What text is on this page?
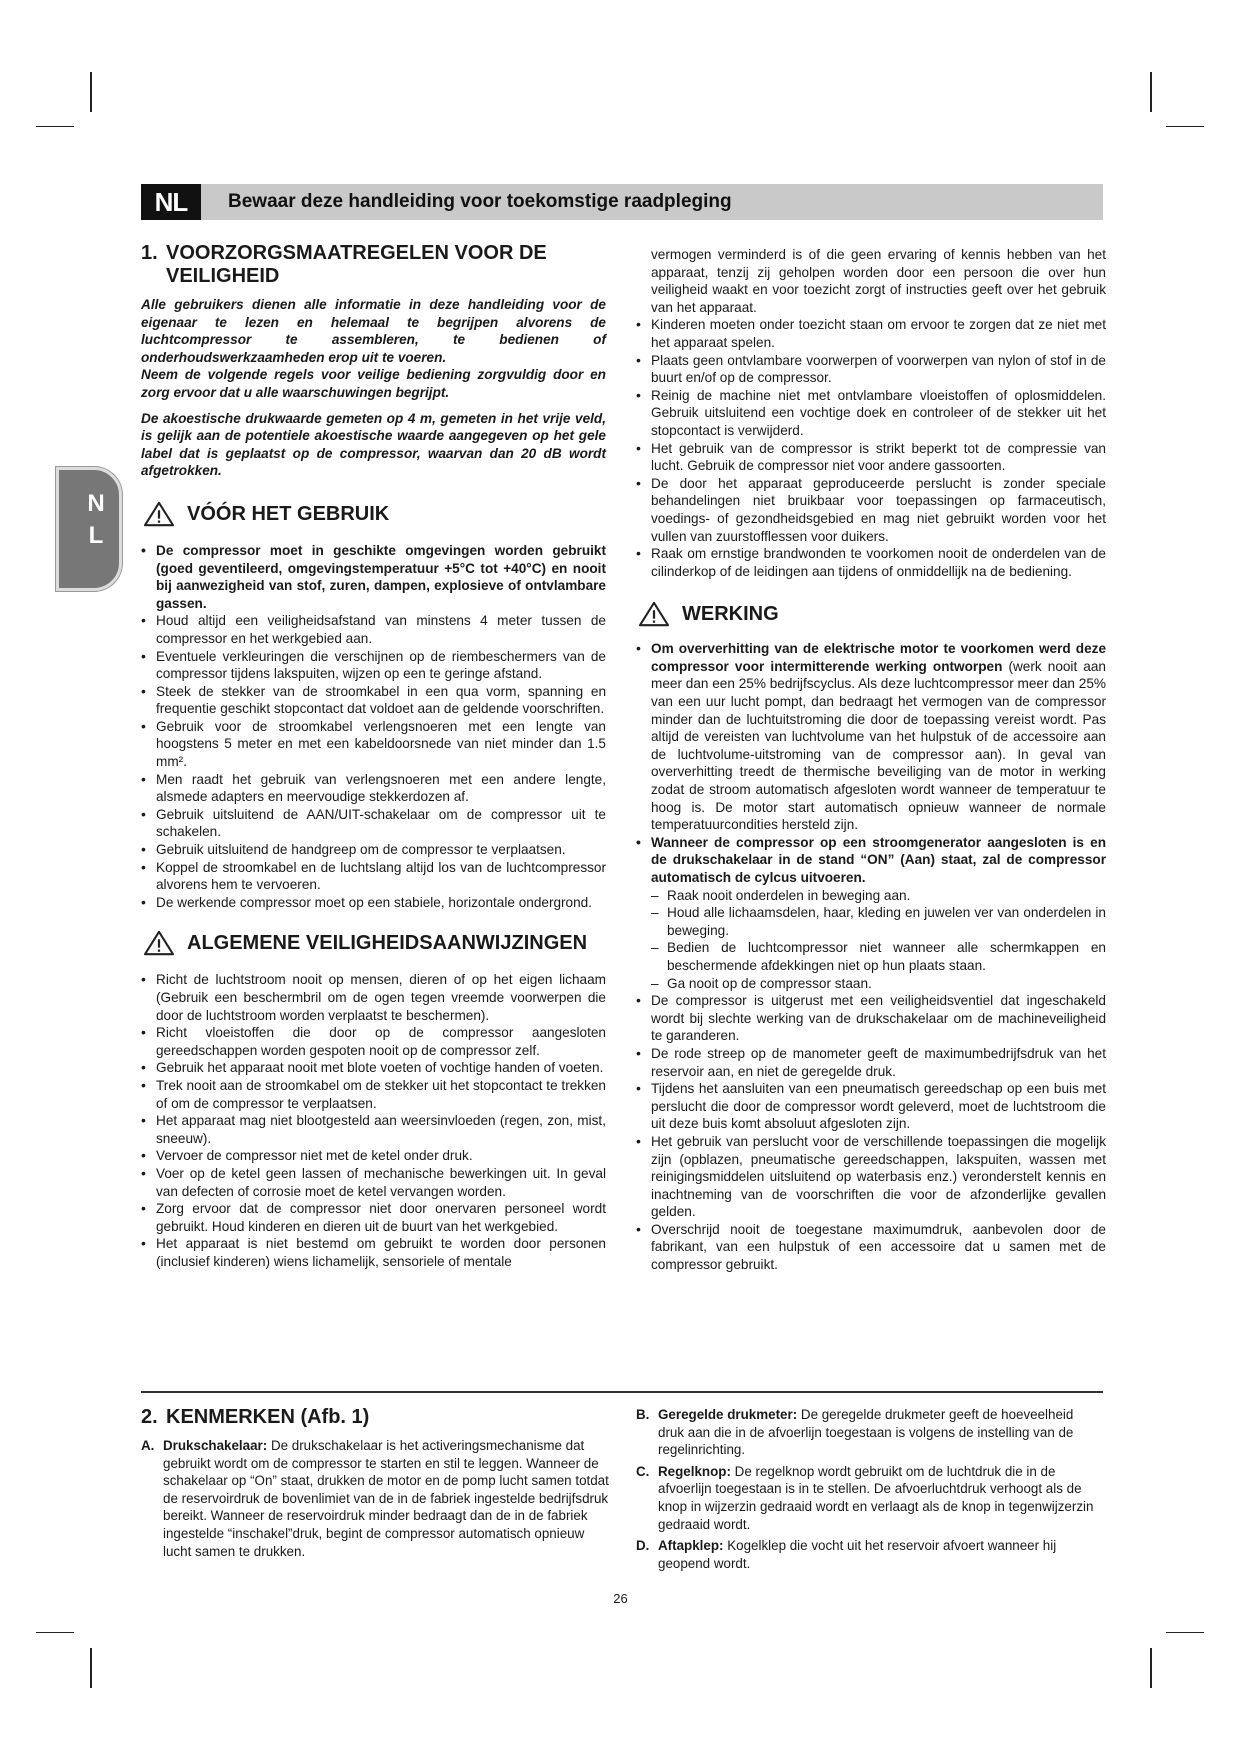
NL	Bewaar deze handleiding voor toekomstige raadpleging
N
L
1. VOORZORGSMAATREGELEN VOOR DE
VEILIGHEID

Alle gebruikers dienen alle informatie in deze handleiding voor de eigenaar te lezen en helemaal te begrijpen alvorens de luchtcompressor te assembleren, te bedienen of onderhoudswerkzaamheden erop uit te voeren.

Neem de volgende regels voor veilige bediening zorgvuldig door en zorg ervoor dat u alle waarschuwingen begrijpt.

De akoestische drukwaarde gemeten op 4 m, gemeten in het vrije veld, is gelijk aan de potentiele akoestische waarde aangegeven op het gele label dat is geplaatst op de compressor, waarvan dan 20 dB wordt afgetrokken.

VÓÓR HET GEBRUIK
• De compressor moet in geschikte omgevingen worden gebruikt (goed geventileerd, omgevingstemperatuur +5°C tot +40°C) en nooit bij aanwezigheid van stof, zuren, dampen, explosieve of ontvlambare gassen.
• Houd altijd een veiligheidsafstand van minstens 4 meter tussen de compressor en het werkgebied aan.
• Eventuele verkleuringen die verschijnen op de riembeschermers van de compressor tijdens lakspuiten, wijzen op een te geringe afstand.
• Steek de stekker van de stroomkabel in een qua vorm, spanning en frequentie geschikt stopcontact dat voldoet aan de geldende voorschriften.
• Gebruik voor de stroomkabel verlengsnoeren met een lengte van hoogstens 5 meter en met een kabeldoorsnede van niet minder dan 1.5 mm².
• Men raadt het gebruik van verlengsnoeren met een andere lengte, alsmede adapters en meervoudige stekkerdozen af.
• Gebruik uitsluitend de AAN/UIT-schakelaar om de compressor uit te schakelen.
• Gebruik uitsluitend de handgreep om de compressor te verplaatsen.
• Koppel de stroomkabel en de luchtslang altijd los van de luchtcompressor alvorens hem te vervoeren.
• De werkende compressor moet op een stabiele, horizontale ondergrond.
ALGEMENE VEILIGHEIDSAANWIJZINGEN
• Richt de luchtstroom nooit op mensen, dieren of op het eigen lichaam (Gebruik een beschermbril om de ogen tegen vreemde voorwerpen die door de luchtstroom worden verplaatst te beschermen).
• Richt vloeistoffen die door op de compressor aangesloten gereedschappen worden gespoten nooit op de compressor zelf.
• Gebruik het apparaat nooit met blote voeten of vochtige handen of voeten.
• Trek nooit aan de stroomkabel om de stekker uit het stopcontact te trekken of om de compressor te verplaatsen.
• Het apparaat mag niet blootgesteld aan weersinvloeden (regen, zon, mist, sneeuw).
• Vervoer de compressor niet met de ketel onder druk.
• Voer op de ketel geen lassen of mechanische bewerkingen uit. In geval van defecten of corrosie moet de ketel vervangen worden.
• Zorg ervoor dat de compressor niet door onervaren personeel wordt gebruikt. Houd kinderen en dieren uit de buurt van het werkgebied.
• Het apparaat is niet bestemd om gebruikt te worden door personen (inclusief kinderen) wiens lichamelijk, sensoriele of mentale

vermogen verminderd is of die geen ervaring of kennis hebben van het apparaat, tenzij zij geholpen worden door een persoon die over hun veiligheid waakt en voor toezicht zorgt of instructies geeft over het gebruik van het apparaat.

• Kinderen moeten onder toezicht staan om ervoor te zorgen dat ze niet met het apparaat spelen.
• Plaats geen ontvlambare voorwerpen of voorwerpen van nylon of stof in de buurt en/of op de compressor.
• Reinig de machine niet met ontvlambare vloeistoffen of oplosmiddelen. Gebruik uitsluitend een vochtige doek en controleer of de stekker uit het stopcontact is verwijderd.
• Het gebruik van de compressor is strikt beperkt tot de compressie van lucht. Gebruik de compressor niet voor andere gassoorten.
• De door het apparaat geproduceerde perslucht is zonder speciale behandelingen niet bruikbaar voor toepassingen op farmaceutisch, voedings- of gezondheidsgebied en mag niet gebruikt worden voor het vullen van zuurstofflessen voor duikers.
• Raak om ernstige brandwonden te voorkomen nooit de onderdelen van de cilinderkop of de leidingen aan tijdens of onmiddellijk na de bediening.
WERKING
• Om oververhitting van de elektrische motor te voorkomen werd deze compressor voor intermitterende werking ontworpen (werk nooit aan meer dan een 25% bedrijfscyclus. Als deze luchtcompressor meer dan 25% van een uur lucht pompt, dan bedraagt het vermogen van de compressor minder dan de luchtuitstroming die door de toepassing vereist wordt. Pas altijd de vereisten van luchtvolume van het hulpstuk of de accessoire aan de luchtvolume-uitstroming van de compressor aan). In geval van oververhitting treedt de thermische beveiliging van de motor in werking zodat de stroom automatisch afgesloten wordt wanneer de temperatuur te hoog is. De motor start automatisch opnieuw wanneer de normale temperatuurcondities hersteld zijn.
• Wanneer de compressor op een stroomgenerator aangesloten is en de drukschakelaar in de stand “ON” (Aan) staat, zal de compressor automatisch de cylcus uitvoeren.
– Raak nooit onderdelen in beweging aan.
– Houd alle lichaamsdelen, haar, kleding en juwelen ver van onderdelen in beweging.
– Bedien de luchtcompressor niet wanneer alle schermkappen en beschermende afdekkingen niet op hun plaats staan.
– Ga nooit op de compressor staan.
• De compressor is uitgerust met een veiligheidsventiel dat ingeschakeld wordt bij slechte werking van de drukschakelaar om de machineveiligheid te garanderen.
• De rode streep op de manometer geeft de maximumbedrijfsdruk van het reservoir aan, en niet de geregelde druk.
• Tijdens het aansluiten van een pneumatisch gereedschap op een buis met perslucht die door de compressor wordt geleverd, moet de luchtstroom die uit deze buis komt absoluut afgesloten zijn.
• Het gebruik van perslucht voor de verschillende toepassingen die mogelijk zijn (opblazen, pneumatische gereedschappen, lakspuiten, wassen met reinigingsmiddelen uitsluitend op waterbasis enz.) veronderstelt kennis en inachtneming van de voorschriften die voor de afzonderlijke gevallen gelden.
• Overschrijd nooit de toegestane maximumdruk, aanbevolen door de fabrikant, van een hulpstuk of een accessoire dat u samen met de compressor gebruikt.
2. KENMERKEN (Afb. 1)
A. Drukschakelaar: De drukschakelaar is het activeringsmechanisme dat gebruikt wordt om de compressor te starten en stil te leggen. Wanneer de schakelaar op “On” staat, drukken de motor en de pomp lucht samen totdat de reservoirdruk de bovenlimiet van de in de fabriek ingestelde bedrijfsdruk bereikt. Wanneer de reservoirdruk minder bedraagt dan de in de fabriek ingestelde “inschakel”druk, begint de compressor automatisch opnieuw lucht samen te drukken.
B. Geregelde drukmeter: De geregelde drukmeter geeft de hoeveelheid druk aan die in de afvoerlijn toegestaan is volgens de instelling van de regelinrichting.
C. Regelknop: De regelknop wordt gebruikt om de luchtdruk die in de afvoerlijn toegestaan is in te stellen. De afvoerluchtdruk verhoogt als de knop in wijzerzin gedraaid wordt en verlaagt als de knop in tegenwijzerzin gedraaid wordt.
D. Aftapklep: Kogelklep die vocht uit het reservoir afvoert wanneer hij geopend wordt.
26
